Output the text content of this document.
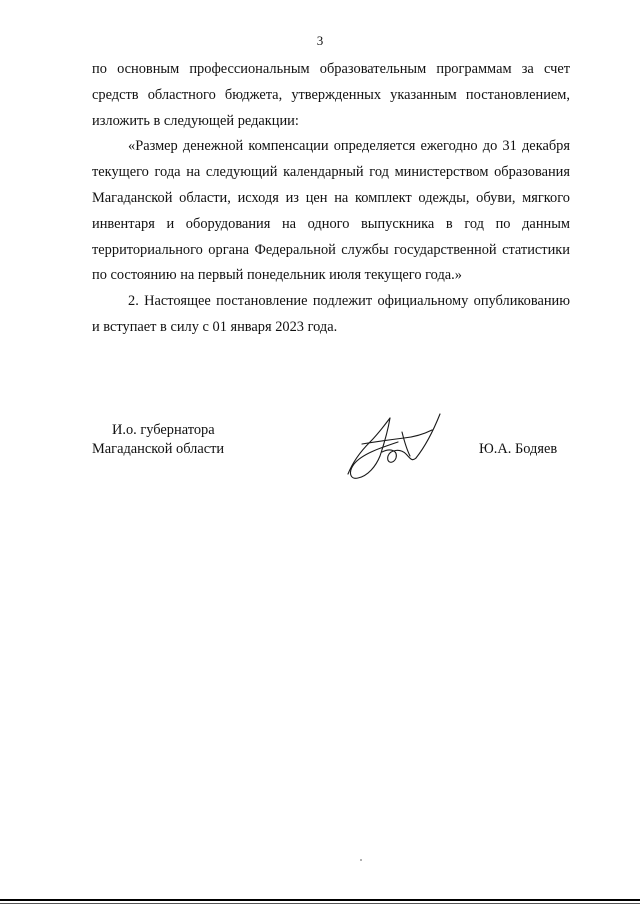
3

по основным профессиональным образовательным программам за счет средств областного бюджета, утвержденных указанным постановлением, изложить в следующей редакции:

«Размер денежной компенсации определяется ежегодно до 31 декабря текущего года на следующий календарный год министерством образования Магаданской области, исходя из цен на комплект одежды, обуви, мягкого инвентаря и оборудования на одного выпускника в год по данным территориального органа Федеральной службы государственной статистики по состоянию на первый понедельник июля текущего года.»

2. Настоящее постановление подлежит официальному опубликованию и вступает в силу с 01 января 2023 года.

И.о. губернатора
Магаданской области	Ю.А. Бодяев
